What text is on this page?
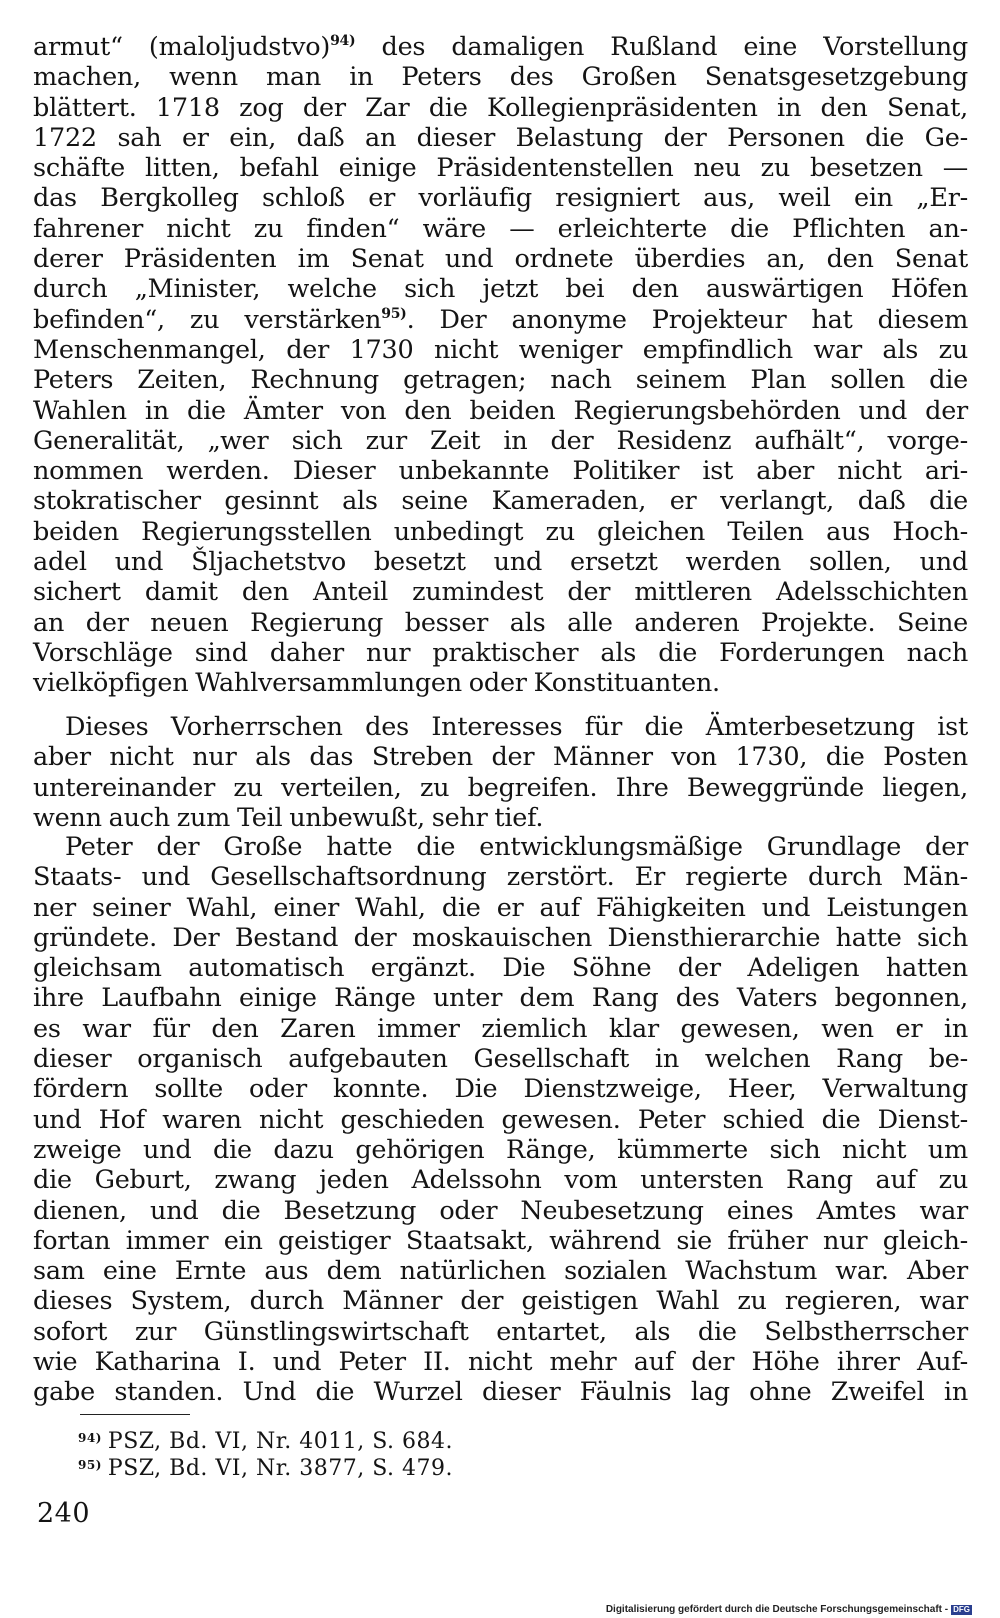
armut“ (maloljudstvo)$^{94)}$ des damaligen Rußland eine Vorstellung
machen, wenn man in Peters des Großen Senatsgesetzgebung
blättert. 1718 zog der Zar die Kollegienpräsidenten in den Senat,
1722 sah er ein, daß an dieser Belastung der Personen die Ge-
schäfte litten, befahl einige Präsidentenstellen neu zu besetzen —
das Bergkolleg schloß er vorläufig resigniert aus, weil ein „Er-
fahrener nicht zu finden“ wäre — erleichterte die Pflichten an-
derer Präsidenten im Senat und ordnete überdies an, den Senat
durch „Minister, welche sich jetzt bei den auswärtigen Höfen
befinden“, zu verstärken$^{95)}$. Der anonyme Projekteur hat diesem
Menschenmangel, der 1730 nicht weniger empfindlich war als zu
Peters Zeiten, Rechnung getragen; nach seinem Plan sollen die
Wahlen in die Ämter von den beiden Regierungsbehörden und der
Generalität, „wer sich zur Zeit in der Residenz aufhält“, vorge-
nommen werden. Dieser unbekannte Politiker ist aber nicht ari-
stokratischer gesinnt als seine Kameraden, er verlangt, daß die
beiden Regierungsstellen unbedingt zu gleichen Teilen aus Hoch-
adel und Šljachetstvo besetzt und ersetzt werden sollen, und
sichert damit den Anteil zumindest der mittleren Adelsschichten
an der neuen Regierung besser als alle anderen Projekte. Seine
Vorschläge sind daher nur praktischer als die Forderungen nach
vielköpfigen Wahlversammlungen oder Konstituanten.

Dieses Vorherrschen des Interesses für die Ämterbesetzung ist
aber nicht nur als das Streben der Männer von 1730, die Posten
untereinander zu verteilen, zu begreifen. Ihre Beweggründe liegen,
wenn auch zum Teil unbewußt, sehr tief.

Peter der Große hatte die entwicklungsmäßige Grundlage der
Staats- und Gesellschaftsordnung zerstört. Er regierte durch Män-
ner seiner Wahl, einer Wahl, die er auf Fähigkeiten und Leistungen
gründete. Der Bestand der moskauischen Diensthierarchie hatte sich
gleichsam automatisch ergänzt. Die Söhne der Adeligen hatten
ihre Laufbahn einige Ränge unter dem Rang des Vaters begonnen,
es war für den Zaren immer ziemlich klar gewesen, wen er in
dieser organisch aufgebauten Gesellschaft in welchen Rang be-
fördern sollte oder konnte. Die Dienstzweige, Heer, Verwaltung
und Hof waren nicht geschieden gewesen. Peter schied die Dienst-
zweige und die dazu gehörigen Ränge, kümmerte sich nicht um
die Geburt, zwang jeden Adelssohn vom untersten Rang auf zu
dienen, und die Besetzung oder Neubesetzung eines Amtes war
fortan immer ein geistiger Staatsakt, während sie früher nur gleich-
sam eine Ernte aus dem natürlichen sozialen Wachstum war. Aber
dieses System, durch Männer der geistigen Wahl zu regieren, war
sofort zur Günstlingswirtschaft entartet, als die Selbstherrscher
wie Katharina I. und Peter II. nicht mehr auf der Höhe ihrer Auf-
gabe standen. Und die Wurzel dieser Fäulnis lag ohne Zweifel in

$^{94)}$ PSZ, Bd. VI, Nr. 4011, S. 684.
$^{95)}$ PSZ, Bd. VI, Nr. 3877, S. 479.
240
Digitalisierung gefördert durch die Deutsche Forschungsgemeinschaft - DFG
